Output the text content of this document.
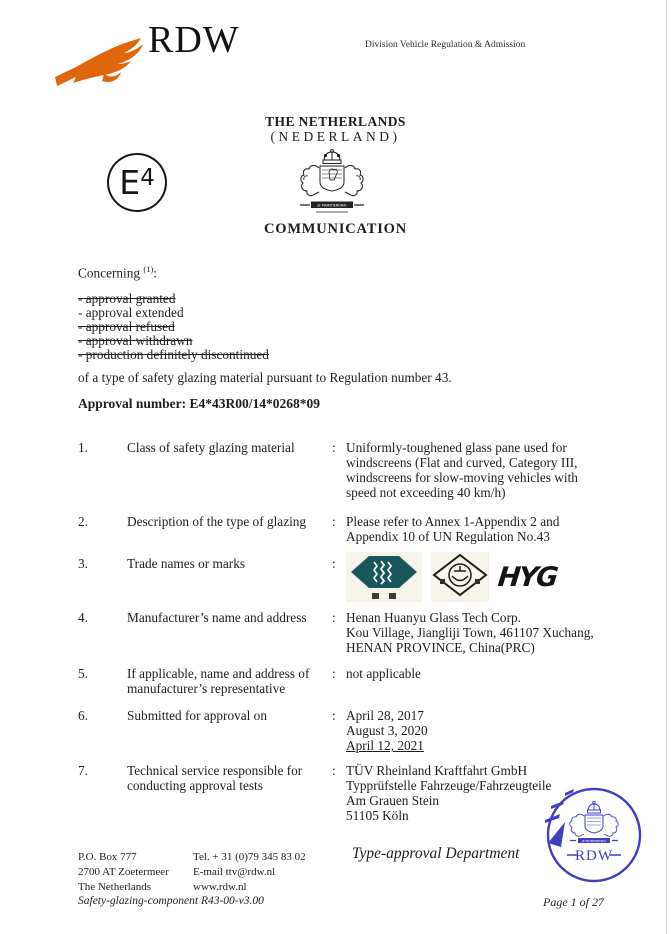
RDW	Division Vehicle Regulation & Admission
THE NETHERLANDS
(NEDERLAND)
E 4
JE MAINTIENDRAI
COMMUNICATION
Concerning $^{(1)}$:
- approval granted
- approval extended
- approval refused
- approval withdrawn
- production definitely discontinued
of a type of safety glazing material pursuant to Regulation number 43.
Approval number: E4*43R00/14*0268*09
1.	Class of safety glazing material	: Uniformly-toughened glass pane used for
windscreens (Flat and curved, Category III,
windscreens for slow-moving vehicles with
speed not exceeding 40 km/h)
2.	Description of the type of glazing	: Please refer to Annex 1-Appendix 2 and
Appendix 10 of UN Regulation No.43
3.	Trade names or marks	:	HYG
4.	Manufacturer’s name and address	: Henan Huanyu Glass Tech Corp.
Kou Village, Jiangliji Town, 461107 Xuchang,
HENAN PROVINCE, China(PRC)
5.	If applicable, name and address of manufacturer’s representative
: not applicable
6.	Submitted for approval on	: April 28, 2017
August 3, 2020
April 12, 2021
7.	Technical service responsible for conducting approval tests
: TÜV Rheinland Kraftfahrt GmbH
Typprüfstelle Fahrzeuge/Fahrzeugteile
Am Grauen Stein
51105 Köln
Type-approval Department
P.O. Box 777
2700 AT Zoetermeer
The Netherlands
Tel. + 31 (0)79 345 83 02
E-mail ttv@rdw.nl
www.rdw.nl
JE MAINTIENDRAI
RDW
Safety-glazing-component R43-00-v3.00	Page 1 of 27
